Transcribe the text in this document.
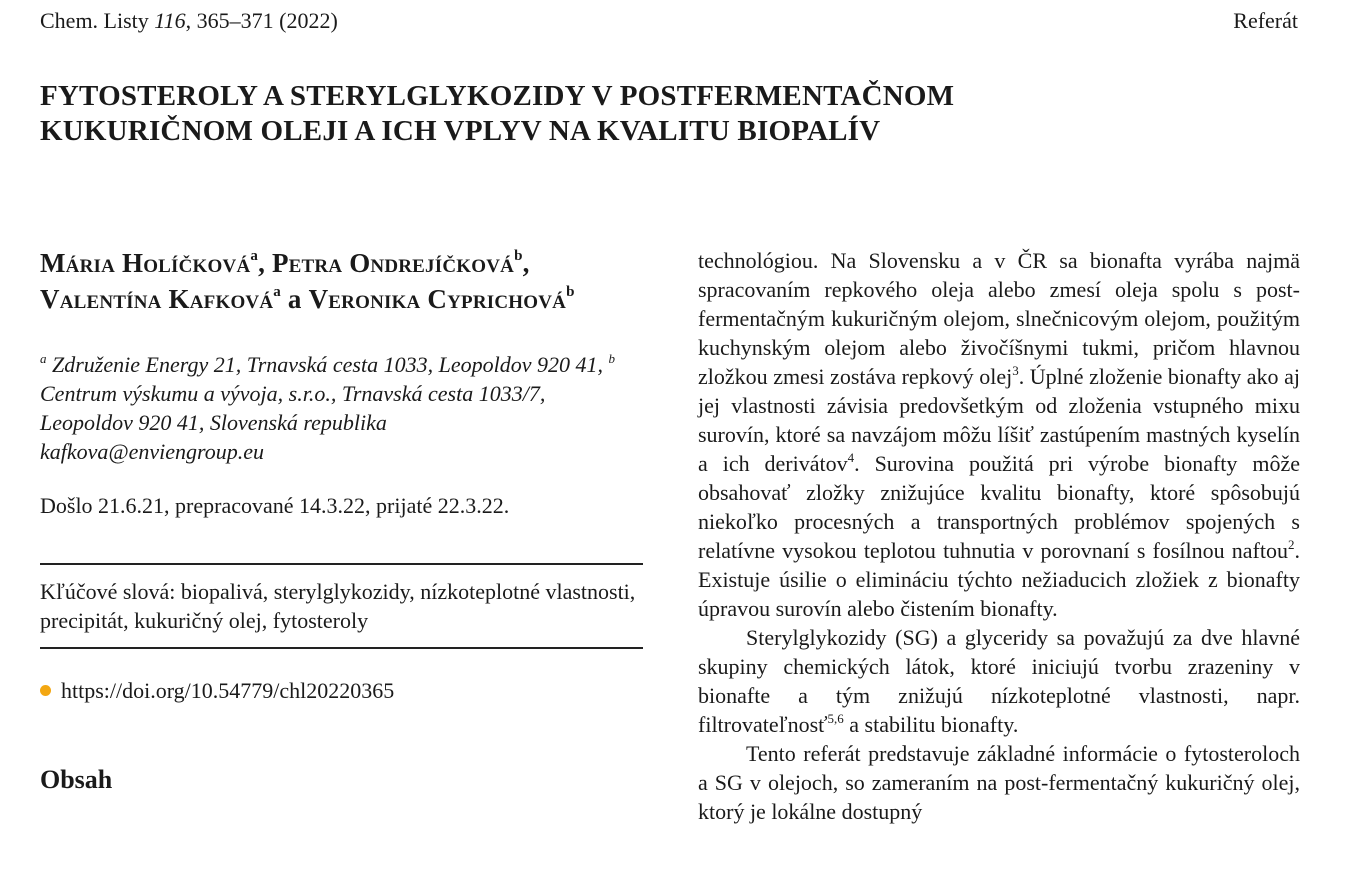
Chem. Listy 116, 365–371 (2022)	Referát
FYTOSTEROLY A STERYLGLYKOZIDY V POSTFERMENTAČNOM
KUKURIČNOM OLEJI A ICH VPLYV NA KVALITU BIOPALÍV

Mária Holíčková$^a$, Petra Ondrejíčková$^b$,
Valentína Kafková$^a$ a Veronika Cyprichová$^b$

$^a$ Združenie Energy 21, Trnavská cesta 1033, Leopoldov 920 41, $^b$ Centrum výskumu a vývoja, s.r.o., Trnavská cesta 1033/7, Leopoldov 920 41, Slovenská republika
kafkova@enviengroup.eu
Došlo 21.6.21, prepracované 14.3.22, prijaté 22.3.22.
Kľúčové slová: biopalivá, sterylglykozidy, nízkoteplotné vlastnosti, precipitát, kukuričný olej, fytosteroly
https://doi.org/10.54779/chl20220365
Obsah

technológiou. Na Slovensku a v ČR sa bionafta vyrába najmä spracovaním repkového oleja alebo zmesí oleja spolu s post-fermentačným kukuričným olejom, slnečnicovým olejom, použitým kuchynským olejom alebo živočíšnymi tukmi, pričom hlavnou zložkou zmesi zostáva repkový olej$^3$. Úplné zloženie bionafty ako aj jej vlastnosti závisia predovšetkým od zloženia vstupného mixu surovín, ktoré sa navzájom môžu líšiť zastúpením mastných kyselín a ich derivátov$^4$. Surovina použitá pri výrobe bionafty môže obsahovať zložky znižujúce kvalitu bionafty, ktoré spôsobujú niekoľko procesných a transportných problémov spojených s relatívne vysokou teplotou tuhnutia v porovnaní s fosílnou naftou$^2$. Existuje úsilie o elimináciu týchto nežiaducich zložiek z bionafty úpravou surovín alebo čistením bionafty.

Sterylglykozidy (SG) a glyceridy sa považujú za dve hlavné skupiny chemických látok, ktoré iniciujú tvorbu zrazeniny v bionafte a tým znižujú nízkoteplotné vlastnosti, napr. filtrovateľnosť$^{5,6}$ a stabilitu bionafty.

Tento referát predstavuje základné informácie o fytosteroloch a SG v olejoch, so zameraním na post-fermentačný kukuričný olej, ktorý je lokálne dostupný
